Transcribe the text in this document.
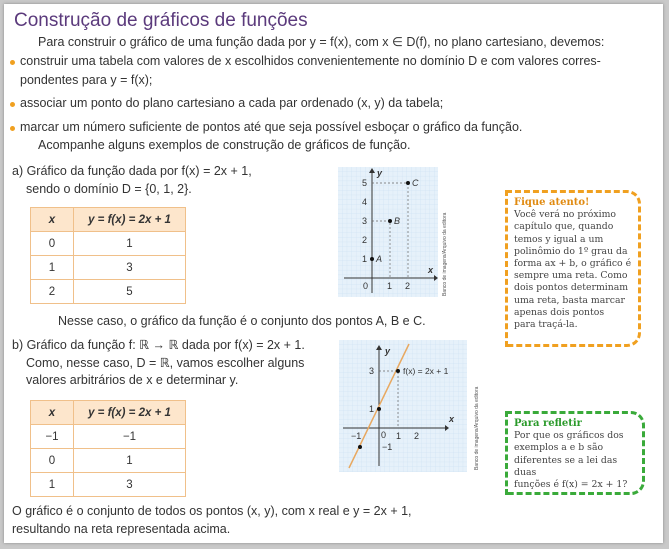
Construção de gráficos de funções
Para construir o gráfico de uma função dada por y = f(x), com x ∈ D(f), no plano cartesiano, devemos:
construir uma tabela com valores de x escolhidos convenientemente no domínio D e com valores corres-
pondentes para y = f(x);
associar um ponto do plano cartesiano a cada par ordenado (x, y) da tabela;
marcar um número suficiente de pontos até que seja possível esboçar o gráfico da função.
Acompanhe alguns exemplos de construção de gráficos de função.
a) Gráfico da função dada por f(x) = 2x + 1,
sendo o domínio D = {0, 1, 2}.
x	y = f(x) = 2x + 1
0	1
1	3
2	5
y
x
0 1 2
1
2
3
4
5
A
B
C
Banco de imagens/Arquivo da editora
Nesse caso, o gráfico da função é o conjunto dos pontos A, B e C.
b) Gráfico da função f: ℝ → ℝ dada por f(x) = 2x + 1.
Como, nesse caso, D = ℝ, vamos escolher alguns
valores arbitrários de x e determinar y.
x	y = f(x) = 2x + 1
−1	−1
0	1
1	3
y
x
0
−1	1 2
−1
1
3	f(x) = 2x + 1
Banco de imagens/Arquivo da editora
O gráfico é o conjunto de todos os pontos (x, y), com x real e y = 2x + 1,
resultando na reta representada acima.
Fique atento!
Você verá no próximo
capítulo que, quando
temos y igual a um
polinômio do 1º grau da
forma ax + b, o gráfico é
sempre uma reta. Como
dois pontos determinam
uma reta, basta marcar
apenas dois pontos
para traçá-la.
Para refletir
Por que os gráficos dos
exemplos a e b são
diferentes se a lei das duas
funções é f(x) = 2x + 1?
